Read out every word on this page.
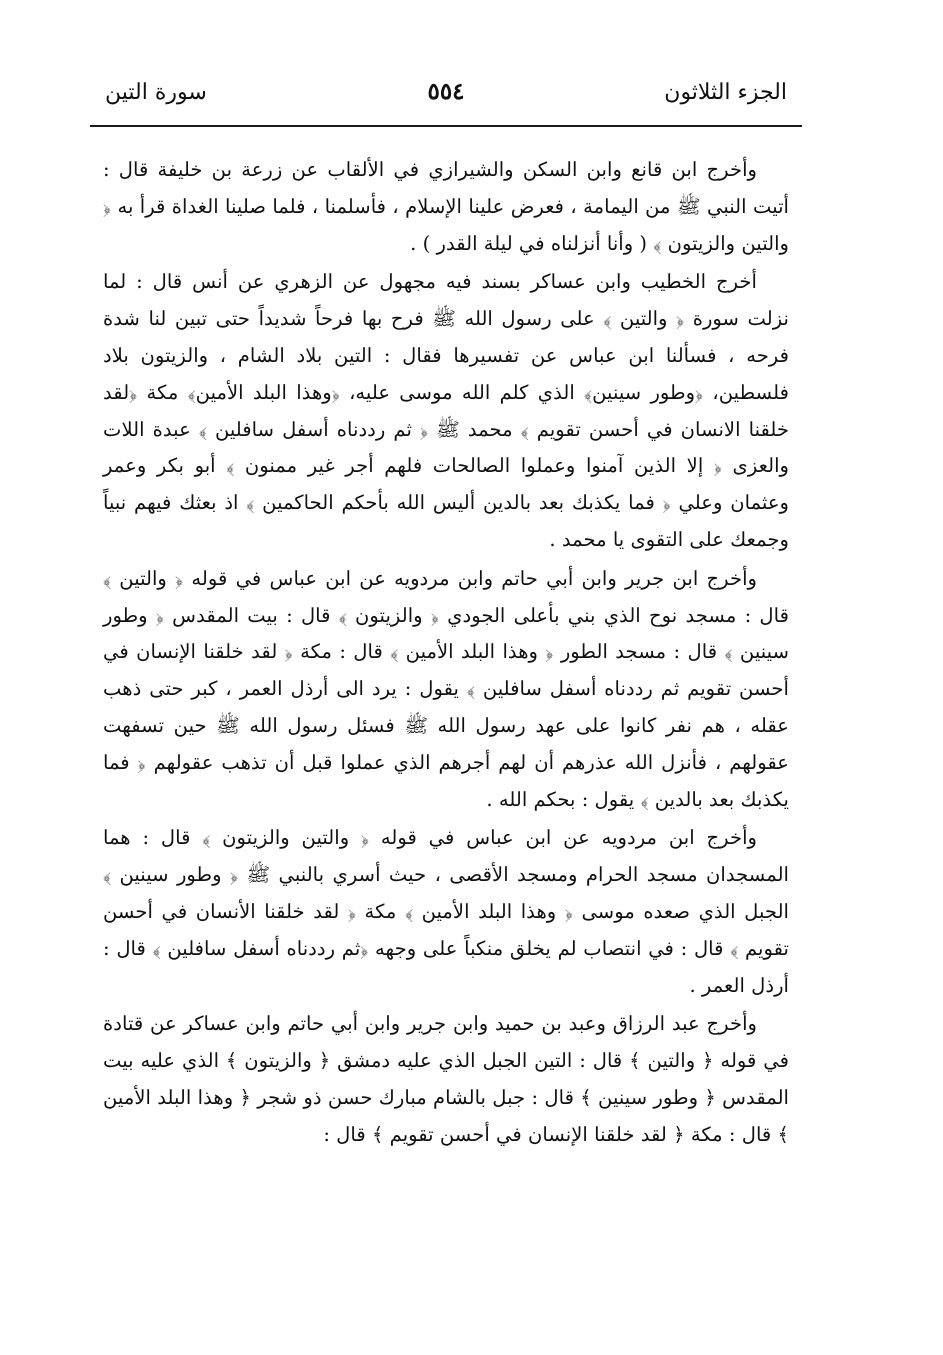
الجزء الثلاثون
٥٥٤
سورة التين

وأخرج ابن قانع وابن السكن والشيرازي في الألقاب عن زرعة بن خليفة قال : أتيت النبي ﷺ من اليمامة ، فعرض علينا الإسلام ، فأسلمنا ، فلما صلينا الغداة قرأ به ﴿ والتين والزيتون ﴾ ( وأنا أنزلناه في ليلة القدر ) .

أخرج الخطيب وابن عساكر بسند فيه مجهول عن الزهري عن أنس قال : لما نزلت سورة ﴿ والتين ﴾ على رسول الله ﷺ فرح بها فرحاً شديداً حتى تبين لنا شدة فرحه ، فسألنا ابن عباس عن تفسيرها فقال : التين بلاد الشام ، والزيتون بلاد فلسطين، ﴿وطور سينين﴾ الذي كلم الله موسى عليه، ﴿وهذا البلد الأمين﴾ مكة ﴿لقد خلقنا الانسان في أحسن تقويم ﴾ محمد ﷺ ﴿ ثم رددناه أسفل سافلين ﴾ عبدة اللات والعزى ﴿ إلا الذين آمنوا وعملوا الصالحات فلهم أجر غير ممنون ﴾ أبو بكر وعمر وعثمان وعلي ﴿ فما يكذبك بعد بالدين أليس الله بأحكم الحاكمين ﴾ اذ بعثك فيهم نبياً وجمعك على التقوى يا محمد .

وأخرج ابن جرير وابن أبي حاتم وابن مردويه عن ابن عباس في قوله ﴿ والتين ﴾ قال : مسجد نوح الذي بني بأعلى الجودي ﴿ والزيتون ﴾ قال : بيت المقدس ﴿ وطور سينين ﴾ قال : مسجد الطور ﴿ وهذا البلد الأمين ﴾ قال : مكة ﴿ لقد خلقنا الإنسان في أحسن تقويم ثم رددناه أسفل سافلين ﴾ يقول : يرد الى أرذل العمر ، كبر حتى ذهب عقله ، هم نفر كانوا على عهد رسول الله ﷺ فسئل رسول الله ﷺ حين تسفهت عقولهم ، فأنزل الله عذرهم أن لهم أجرهم الذي عملوا قبل أن تذهب عقولهم ﴿ فما يكذبك بعد بالدين ﴾ يقول : بحكم الله .

وأخرج ابن مردويه عن ابن عباس في قوله ﴿ والتين والزيتون ﴾ قال : هما المسجدان مسجد الحرام ومسجد الأقصى ، حيث أسري بالنبي ﷺ ﴿ وطور سينين ﴾ الجبل الذي صعده موسى ﴿ وهذا البلد الأمين ﴾ مكة ﴿ لقد خلقنا الأنسان في أحسن تقويم ﴾ قال : في انتصاب لم يخلق منكباً على وجهه ﴿ثم رددناه أسفل سافلين ﴾ قال : أرذل العمر .

وأخرج عبد الرزاق وعبد بن حميد وابن جرير وابن أبي حاتم وابن عساكر عن قتادة في قوله ﴿ والتين ﴾ قال : التين الجبل الذي عليه دمشق ﴿ والزيتون ﴾ الذي عليه بيت المقدس ﴿ وطور سينين ﴾ قال : جبل بالشام مبارك حسن ذو شجر ﴿ وهذا البلد الأمين ﴾ قال : مكة ﴿ لقد خلقنا الإنسان في أحسن تقويم ﴾ قال :
